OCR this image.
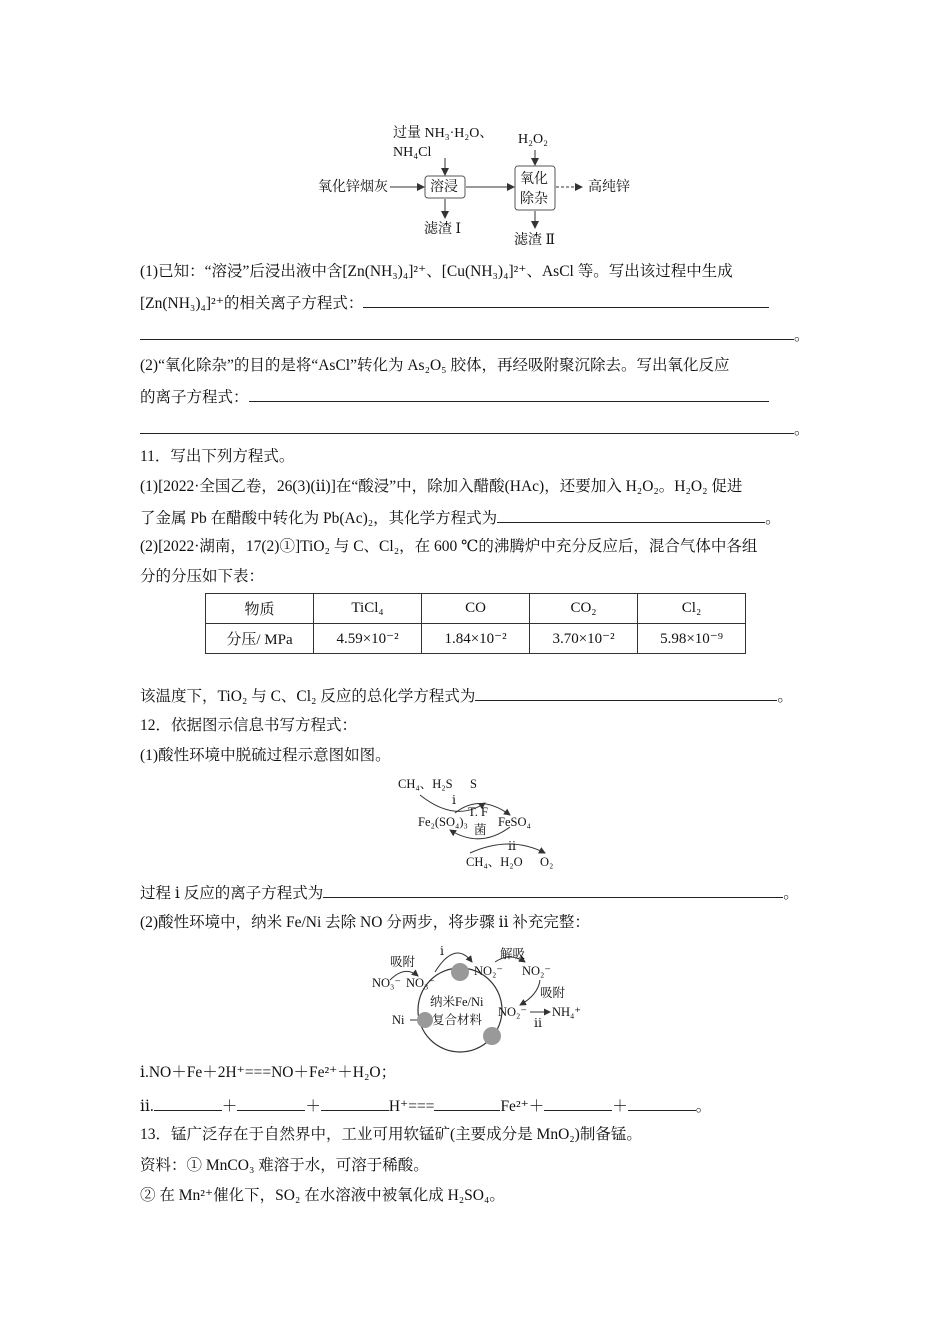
过量 NH₃·H₂O、
NH₄Cl
H₂O₂
氧化锌烟灰	溶浸
氧化
除杂
高纯锌
滤渣 Ⅰ
滤渣 Ⅱ
(1)已知：“溶浸”后浸出液中含[Zn(NH₃)₄]²⁺、[Cu(NH₃)₄]²⁺、AsCl 等。写出该过程中生成
[Zn(NH₃)₄]²⁺的相关离子方程式：
。
(2)“氧化除杂”的目的是将“AsCl”转化为 As₂O₅ 胶体，再经吸附聚沉除去。写出氧化反应
的离子方程式：
。
11．写出下列方程式。
(1)[2022·全国乙卷，26(3)(ⅱ)]在“酸浸”中，除加入醋酸(HAc)，还要加入 H₂O₂。H₂O₂ 促进
了金属 Pb 在醋酸中转化为 Pb(Ac)₂，其化学方程式为	。
(2)[2022·湖南，17(2)①]TiO₂ 与 C、Cl₂，在 600 ℃的沸腾炉中充分反应后，混合气体中各组
分的分压如下表：
物质	TiCl₄	CO	CO₂	Cl₂
分压/ MPa	4.59×10⁻²	1.84×10⁻²	3.70×10⁻²	5.98×10⁻⁹
该温度下，TiO₂ 与 C、Cl₂ 反应的总化学方程式为	。
12．依据图示信息书写方程式：
(1)酸性环境中脱硫过程示意图如图。
CH₄、H₂S S
ⅰ
T. F
菌
Fe₂(SO₄)₃ FeSO₄
ⅱ
CH₄、H₂O O₂
过程 ⅰ 反应的离子方程式为	。
(2)酸性环境中，纳米 Fe/Ni 去除 NO 分两步，将步骤 ⅱ 补充完整：
吸附
ⅰ	解吸
NO₃⁻ NO₃⁻
NO₂⁻ NO₂⁻
吸附
NO₂⁻
ⅱ
NH₄⁺
纳米Fe/Ni
复合材料
Ni
ⅰ.NO＋Fe＋2H⁺===NO＋Fe²⁺＋H₂O；
ⅱ.	＋	＋	H⁺===	Fe²⁺＋	＋	。
13．锰广泛存在于自然界中，工业可用软锰矿(主要成分是 MnO₂)制备锰。
资料：① MnCO₃ 难溶于水，可溶于稀酸。
② 在 Mn²⁺催化下，SO₂ 在水溶液中被氧化成 H₂SO₄。
